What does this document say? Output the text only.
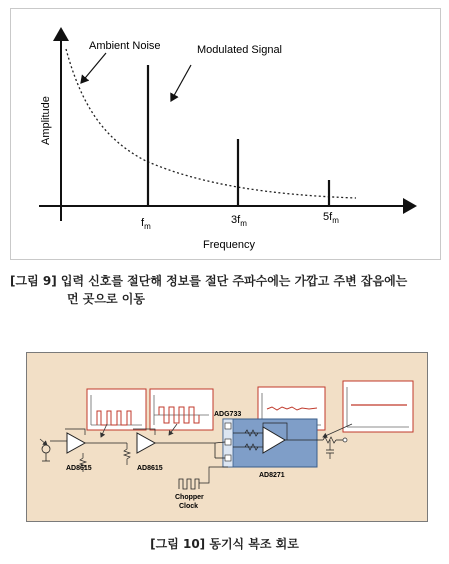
Ambient Noise	Modulated Signal
Amplitude
Frequency
$f_m$
$3f_m$
$5f_m$
[그림 9] 입력 신호를 절단해 정보를 절단 주파수에는 가깝고 주변 잡음에는
먼 곳으로 이동
AD8615	AD8615
ADG733
AD8271
Chopper
Clock
[그림 10] 동기식 복조 회로
